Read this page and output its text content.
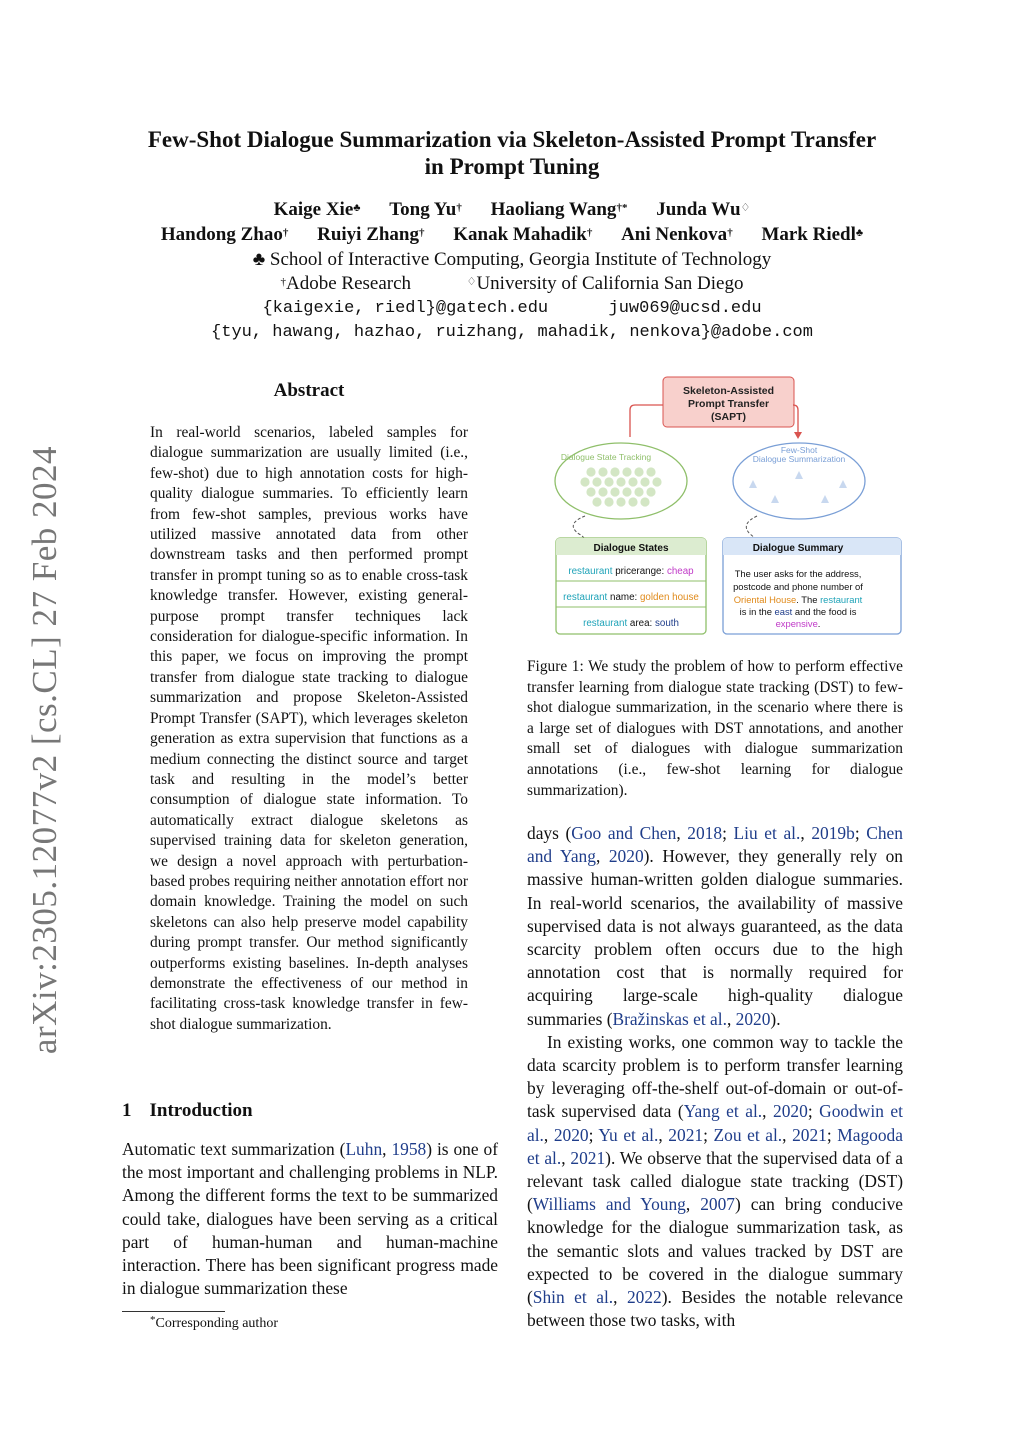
Few-Shot Dialogue Summarization via Skeleton-Assisted Prompt Transfer
in Prompt Tuning
Kaige Xie♣ Tong Yu† Haoliang Wang†* Junda Wu♢
Handong Zhao† Ruiyi Zhang† Kanak Mahadik† Ani Nenkova† Mark Riedl♣
♣ School of Interactive Computing, Georgia Institute of Technology
†Adobe Research	♢University of California San Diego
{kaigexie, riedl}@gatech.edu	juw069@ucsd.edu
{tyu, hawang, hazhao, ruizhang, mahadik, nenkova}@adobe.com
arXiv:2305.12077v2 [cs.CL] 27 Feb 2024
Abstract
In real-world scenarios, labeled samples for dialogue summarization are usually limited (i.e., few-shot) due to high annotation costs for high-quality dialogue summaries. To efficiently learn from few-shot samples, previous works have utilized massive annotated data from other downstream tasks and then performed prompt transfer in prompt tuning so as to enable cross-task knowledge transfer. However, existing general-purpose prompt transfer techniques lack consideration for dialogue-specific information. In this paper, we focus on improving the prompt transfer from dialogue state tracking to dialogue summarization and propose Skeleton-Assisted Prompt Transfer (SAPT), which leverages skeleton generation as extra supervision that functions as a medium connecting the distinct source and target task and resulting in the model’s better consumption of dialogue state information. To automatically extract dialogue skeletons as supervised training data for skeleton generation, we design a novel approach with perturbation-based probes requiring neither annotation effort nor domain knowledge. Training the model on such skeletons can also help preserve model capability during prompt transfer. Our method significantly outperforms existing baselines. In-depth analyses demonstrate the effectiveness of our method in facilitating cross-task knowledge transfer in few-shot dialogue summarization.
1 Introduction
Automatic text summarization (Luhn, 1958) is one of the most important and challenging problems in NLP. Among the different forms the text to be summarized could take, dialogues have been serving as a critical part of human-human and human-machine interaction. There has been significant progress made in dialogue summarization these
*Corresponding author
Skeleton-Assisted
Prompt Transfer
(SAPT)
Dialogue State Tracking
Few-Shot
Dialogue Summarization
Dialogue States
restaurant pricerange: cheap
restaurant name: golden house
restaurant area: south
Dialogue Summary
The user asks for the address,
postcode and phone number of
Oriental House. The restaurant
is in the east and the food is
expensive.
Figure 1: We study the problem of how to perform effective transfer learning from dialogue state tracking (DST) to few-shot dialogue summarization, in the scenario where there is a large set of dialogues with DST annotations, and another small set of dialogues with dialogue summarization annotations (i.e., few-shot learning for dialogue summarization).

days (Goo and Chen, 2018; Liu et al., 2019b; Chen and Yang, 2020). However, they generally rely on massive human-written golden dialogue summaries. In real-world scenarios, the availability of massive supervised data is not always guaranteed, as the data scarcity problem often occurs due to the high annotation cost that is normally required for acquiring large-scale high-quality dialogue summaries (Bražinskas et al., 2020).

In existing works, one common way to tackle the data scarcity problem is to perform transfer learning by leveraging off-the-shelf out-of-domain or out-of-task supervised data (Yang et al., 2020; Goodwin et al., 2020; Yu et al., 2021; Zou et al., 2021; Magooda et al., 2021). We observe that the supervised data of a relevant task called dialogue state tracking (DST) (Williams and Young, 2007) can bring conducive knowledge for the dialogue summarization task, as the semantic slots and values tracked by DST are expected to be covered in the dialogue summary (Shin et al., 2022). Besides the notable relevance between those two tasks, with
